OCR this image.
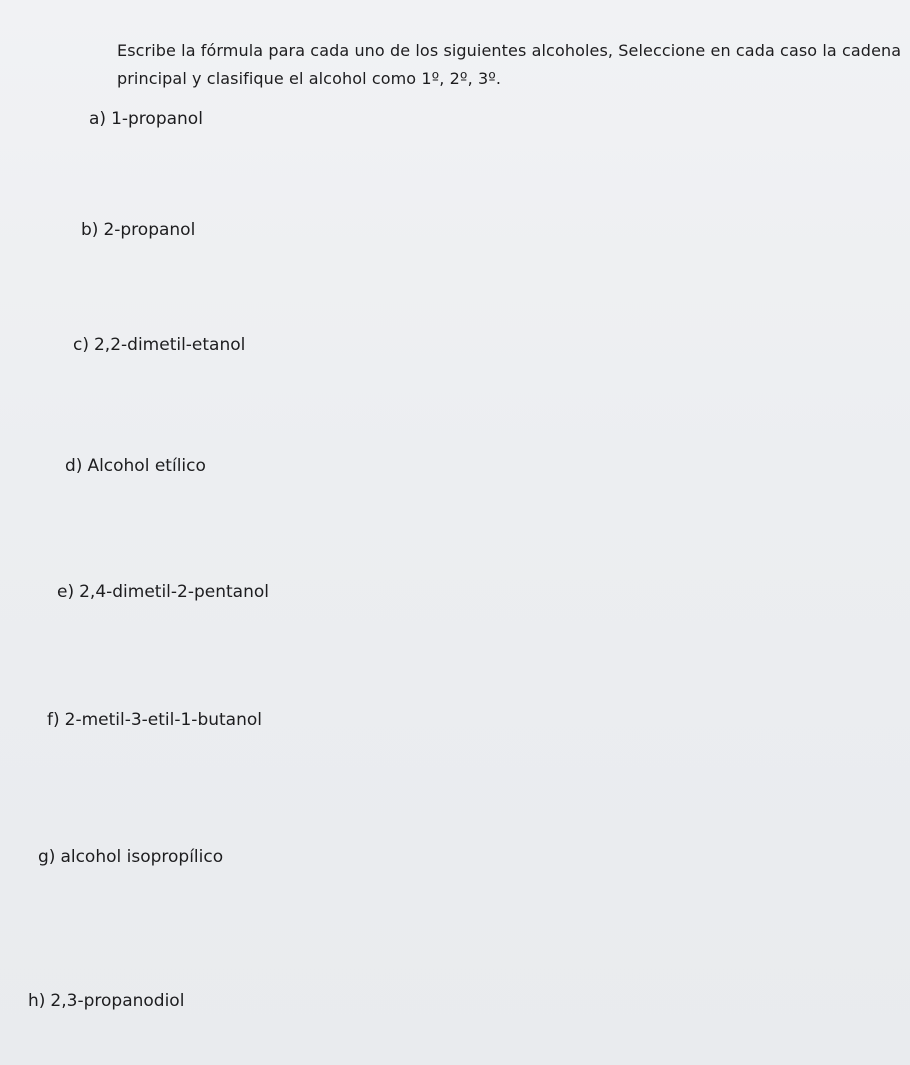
Escribe la fórmula para cada uno de los siguientes alcoholes, Seleccione en cada caso la cadena
principal y clasifique el alcohol como 1º, 2º, 3º.

a) 1-propanol

b) 2-propanol

c) 2,2-dimetil-etanol

d) Alcohol etílico

e) 2,4-dimetil-2-pentanol

f) 2-metil-3-etil-1-butanol

g) alcohol isopropílico

h) 2,3-propanodiol
